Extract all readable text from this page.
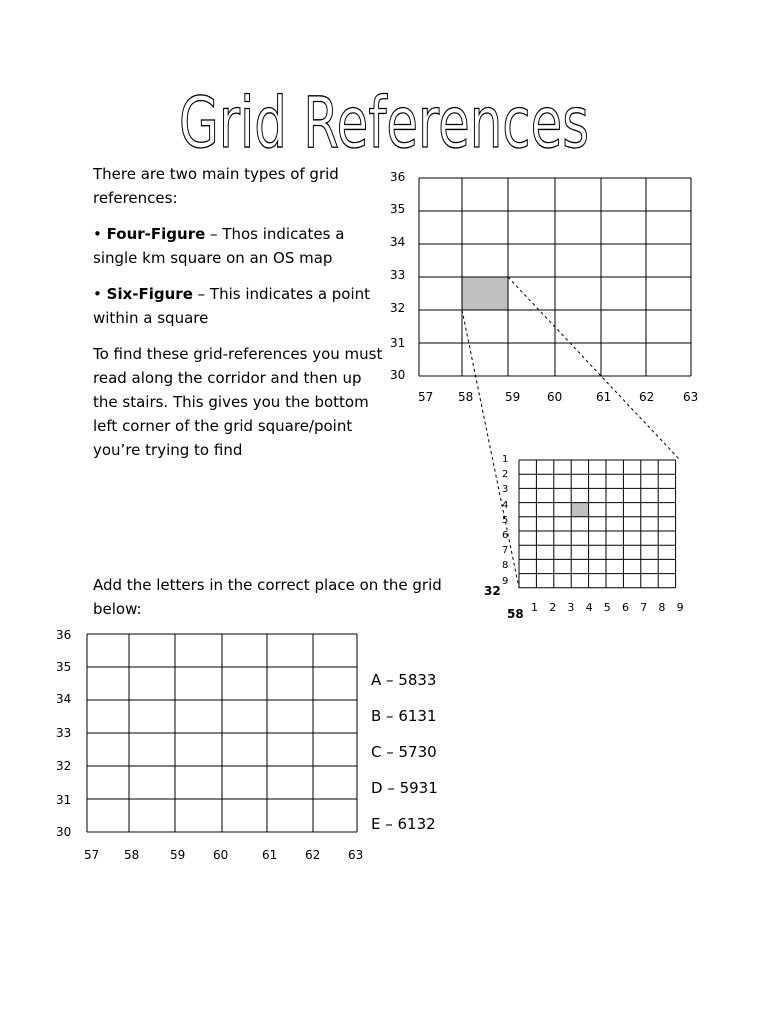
Grid References

There are two main types of grid references:

• Four-Figure – Thos indicates a single km square on an OS map

• Six-Figure – This indicates a point within a square

To find these grid-references you must read along the corridor and then up the stairs. This gives you the bottom left corner of the grid square/point you’re trying to find

36
35
34
33
32
31
30
57 58	59 60	61 62 63
1
2
3
4
5
6
7
8
9
1 2 3 4 5 6 7 8 9
32
58
Add the letters in the correct place on the grid below:
36
35
34
33
32
31
30
57 58	59 60	61 62 63
A – 5833
B – 6131
C – 5730
D – 5931
E – 6132
